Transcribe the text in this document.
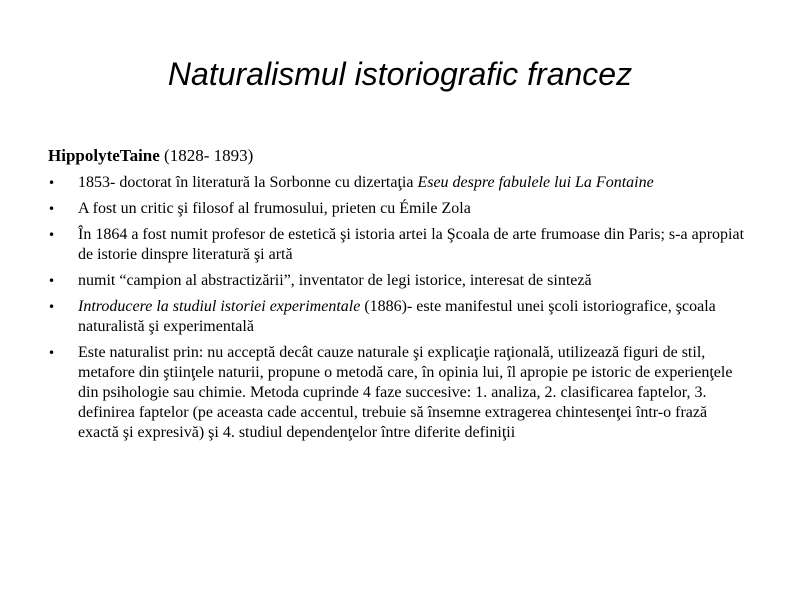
Naturalismul istoriografic francez

HippolyteTaine (1828- 1893)

• 1853- doctorat în literatură la Sorbonne cu dizertaţia Eseu despre fabulele lui La Fontaine
• A fost un critic şi filosof al frumosului, prieten cu Émile Zola
• În 1864 a fost numit profesor de estetică şi istoria artei la Şcoala de arte frumoase din Paris; s-a apropiat de istorie dinspre literatură şi artă
• numit “campion al abstractizării”, inventator de legi istorice, interesat de sinteză
• Introducere la studiul istoriei experimentale (1886)- este manifestul unei şcoli istoriografice, şcoala naturalistă şi experimentală
• Este naturalist prin: nu acceptă decât cauze naturale şi explicaţie raţională, utilizează figuri de stil, metafore din ştiinţele naturii, propune o metodă care, în opinia lui, îl apropie pe istoric de experienţele din psihologie sau chimie. Metoda cuprinde 4 faze succesive: 1. analiza, 2. clasificarea faptelor, 3. definirea faptelor (pe aceasta cade accentul, trebuie să însemne extragerea chintesenţei într-o frază exactă şi expresivă) şi 4. studiul dependenţelor între diferite definiţii
